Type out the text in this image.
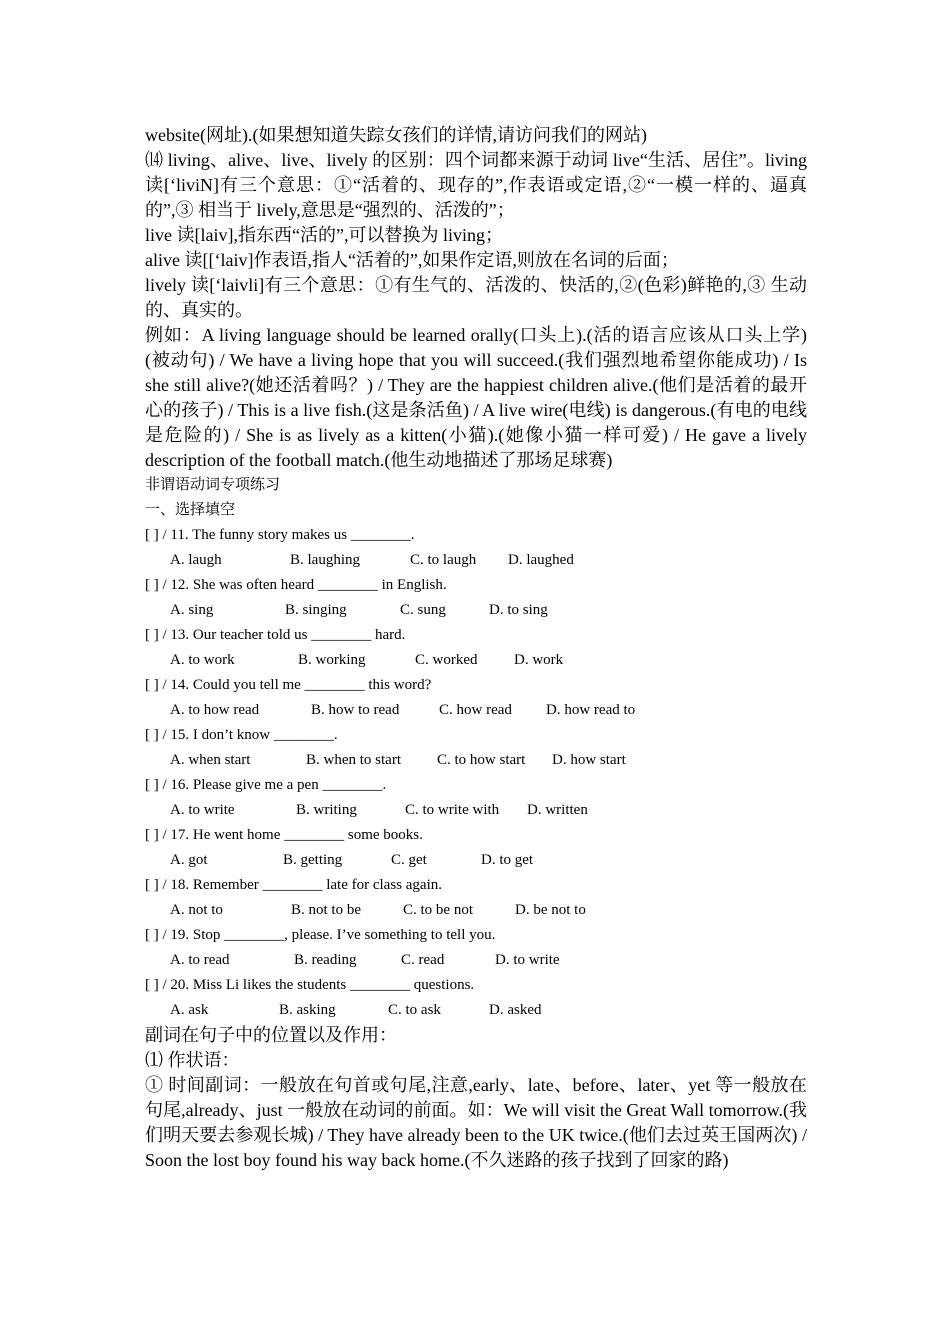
website(网址).(如果想知道失踪女孩们的详情,请访问我们的网站)

⒁ living、alive、live、lively 的区别：四个词都来源于动词 live“生活、居住”。living 读[‘liviN]有三个意思：①“活着的、现存的”,作表语或定语,②“一模一样的、逼真的”,③ 相当于 lively,意思是“强烈的、活泼的”；

live 读[laiv],指东西“活的”,可以替换为 living；

alive 读[[‘laiv]作表语,指人“活着的”,如果作定语,则放在名词的后面；

lively 读[‘laivli]有三个意思：①有生气的、活泼的、快活的,②(色彩)鲜艳的,③ 生动的、真实的。

例如：A living language should be learned orally(口头上).(活的语言应该从口头上学)(被动句) / We have a living hope that you will succeed.(我们强烈地希望你能成功) / Is she still alive?(她还活着吗？) / They are the happiest children alive.(他们是活着的最开心的孩子) / This is a live fish.(这是条活鱼) / A live wire(电线) is dangerous.(有电的电线是危险的) / She is as lively as a kitten(小猫).(她像小猫一样可爱) / He gave a lively description of the football match.(他生动地描述了那场足球赛)

非谓语动词专项练习

一、选择填空

[ ] / 11. The funny story makes us ________.

A. laugh	B. laughing	C. to laugh D. laughed

[ ] / 12. She was often heard ________ in English.

A. sing	B. singing	C. sung	D. to sing

[ ] / 13. Our teacher told us ________ hard.

A. to work	B. working	C. worked D. work

[ ] / 14. Could you tell me ________ this word?

A. to how read	B. how to read	C. how read D. how read to

[ ] / 15. I don’t know ________.

A. when start	B. when to start C. to how start D. how start

[ ] / 16. Please give me a pen ________.

A. to write	B. writing	C. to write with D. written

[ ] / 17. He went home ________ some books.

A. got	B. getting	C. get	D. to get

[ ] / 18. Remember ________ late for class again.

A. not to	B. not to be	C. to be not	D. be not to

[ ] / 19. Stop ________, please. I’ve something to tell you.

A. to read	B. reading	C. read	D. to write

[ ] / 20. Miss Li likes the students ________ questions.

A. ask	B. asking	C. to ask	D. asked

副词在句子中的位置以及作用：

⑴ 作状语：

① 时间副词：一般放在句首或句尾,注意,early、late、before、later、yet 等一般放在句尾,already、just 一般放在动词的前面。如：We will visit the Great Wall tomorrow.(我们明天要去参观长城) / They have already been to the UK twice.(他们去过英王国两次) / Soon the lost boy found his way back home.(不久迷路的孩子找到了回家的路)
